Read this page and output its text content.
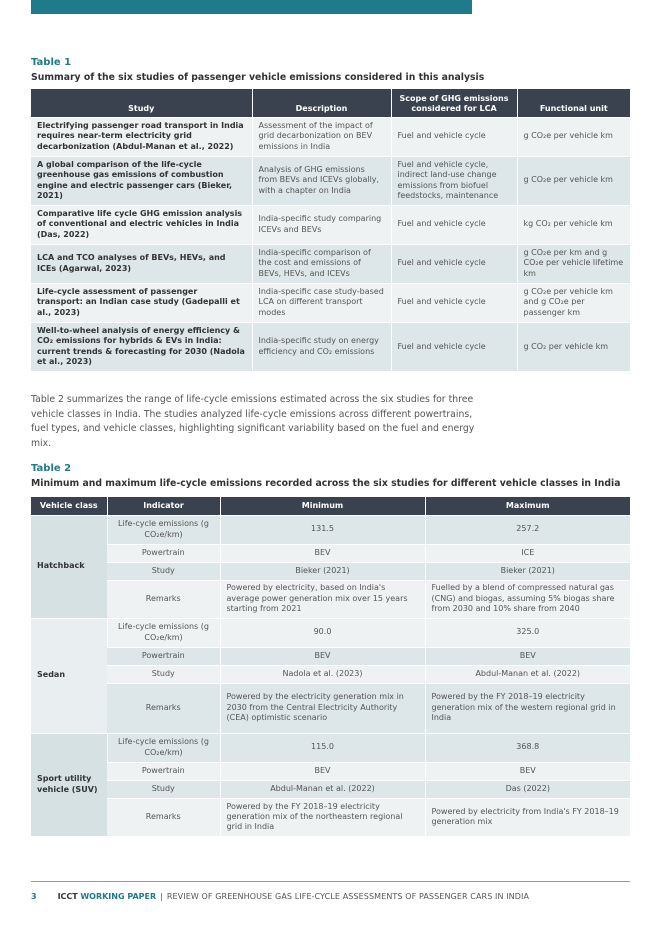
Table 1
Summary of the six studies of passenger vehicle emissions considered in this analysis
Study	Description	Scope of GHG emissions considered for LCA	Functional unit
Electrifying passenger road transport in India requires near-term electricity grid decarbonization (Abdul-Manan et al., 2022)	Assessment of the impact of grid decarbonization on BEV emissions in India	Fuel and vehicle cycle	g CO₂e per vehicle km
A global comparison of the life-cycle greenhouse gas emissions of combustion engine and electric passenger cars (Bieker, 2021)	Analysis of GHG emissions from BEVs and ICEVs globally, with a chapter on India	Fuel and vehicle cycle, indirect land-use change emissions from biofuel feedstocks, maintenance	g CO₂e per vehicle km
Comparative life cycle GHG emission analysis of conventional and electric vehicles in India (Das, 2022)	India-specific study comparing ICEVs and BEVs	Fuel and vehicle cycle	kg CO₂ per vehicle km
LCA and TCO analyses of BEVs, HEVs, and ICEs (Agarwal, 2023)	India-specific comparison of the cost and emissions of BEVs, HEVs, and ICEVs	Fuel and vehicle cycle	g CO₂e per km and g CO₂e per vehicle lifetime km
Life-cycle assessment of passenger transport: an Indian case study (Gadepalli et al., 2023)	India-specific case study-based LCA on different transport modes	Fuel and vehicle cycle	g CO₂e per vehicle km and g CO₂e per passenger km
Well-to-wheel analysis of energy efficiency & CO₂ emissions for hybrids & EVs in India: current trends & forecasting for 2030 (Nadola et al., 2023)	India-specific study on energy efficiency and CO₂ emissions	Fuel and vehicle cycle	g CO₂ per vehicle km
Table 2 summarizes the range of life-cycle emissions estimated across the six studies for three vehicle classes in India. The studies analyzed life-cycle emissions across different powertrains, fuel types, and vehicle classes, highlighting significant variability based on the fuel and energy mix.
Table 2
Minimum and maximum life-cycle emissions recorded across the six studies for different vehicle classes in India
Vehicle class	Indicator	Minimum	Maximum
Hatchback	Life-cycle emissions (g CO₂e/km)	131.5	257.2
	Powertrain	BEV	ICE
	Study	Bieker (2021)	Bieker (2021)
	Remarks	Powered by electricity, based on India's average power generation mix over 15 years starting from 2021	Fuelled by a blend of compressed natural gas (CNG) and biogas, assuming 5% biogas share from 2030 and 10% share from 2040
Sedan	Life-cycle emissions (g CO₂e/km)	90.0	325.0
	Powertrain	BEV	BEV
	Study	Nadola et al. (2023)	Abdul-Manan et al. (2022)
	Remarks	Powered by the electricity generation mix in 2030 from the Central Electricity Authority (CEA) optimistic scenario	Powered by the FY 2018–19 electricity generation mix of the western regional grid in India
Sport utility vehicle (SUV)	Life-cycle emissions (g CO₂e/km)	115.0	368.8
	Powertrain	BEV	BEV
	Study	Abdul-Manan et al. (2022)	Das (2022)
	Remarks	Powered by the FY 2018–19 electricity generation mix of the northeastern regional grid in India	Powered by electricity from India's FY 2018–19 generation mix
3	ICCT WORKING PAPER | REVIEW OF GREENHOUSE GAS LIFE-CYCLE ASSESSMENTS OF PASSENGER CARS IN INDIA
